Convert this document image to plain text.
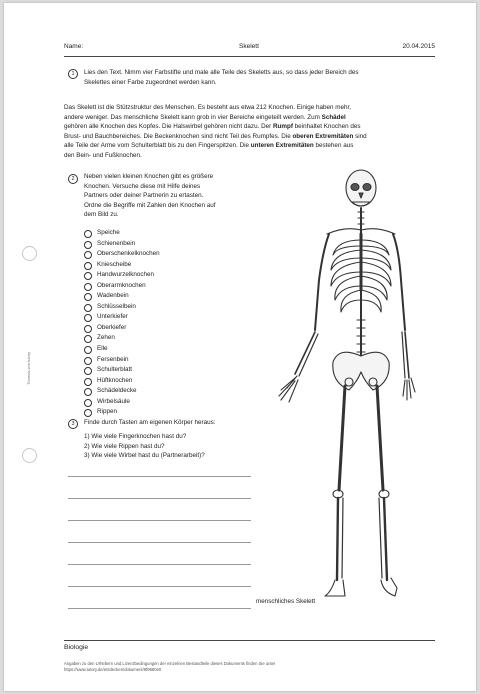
Thomas von tutory
Name:	Skelett	20.04.2015
1	Lies den Text. Nimm vier Farbstifte und male alle Teile des Skeletts aus, so dass jeder Bereich des
Skelettes einer Farbe zugeordnet werden kann.
Das Skelett ist die Stützstruktur des Menschen. Es besteht aus etwa 212 Knochen. Einige haben mehr,
andere weniger. Das menschliche Skelett kann grob in vier Bereiche eingeteilt werden. Zum Schädel
gehören alle Knochen des Kopfes. Die Halswirbel gehören nicht dazu. Der Rumpf beinhaltet Knochen des
Brust- und Bauchbereiches. Die Beckenknochen sind nicht Teil des Rumpfes. Die oberen Extremitäten sind
alle Teile der Arme vom Schulterblatt bis zu den Fingerspitzen. Die unteren Extremitäten bestehen aus
den Bein- und Fußknochen.
2	Neben vielen kleinen Knochen gibt es größere
Knochen. Versuche diese mit Hilfe deines
Partners oder deiner Partnerin zu ertasten.
Ordne die Begriffe mit Zahlen den Knochen auf
dem Bild zu.
Speiche
Schienenbein
Oberschenkelknochen
Kniescheibe
Handwurzelknochen
Oberarmknochen
Wadenbein
Schlüsselbein
Unterkiefer
Oberkiefer
Zehen
Elle
Fersenbein
Schulterblatt
Hüftknochen
Schädeldecke
Wirbelsäule
Rippen
3	Finde durch Tasten am eigenen Körper heraus:
1) Wie viele Fingerknochen hast du?
2) Wie viele Rippen hast du?
3) Wie viele Wirbel hast du (Partnerarbeit)?
menschliches Skelett
Biologie
Angaben zu den Urhebern und Lizenzbedingungen der einzelnen Bestandteile dieses Dokuments finden Sie unter
https://www.tutory.de/entdecken/dokument/9f9680e0
